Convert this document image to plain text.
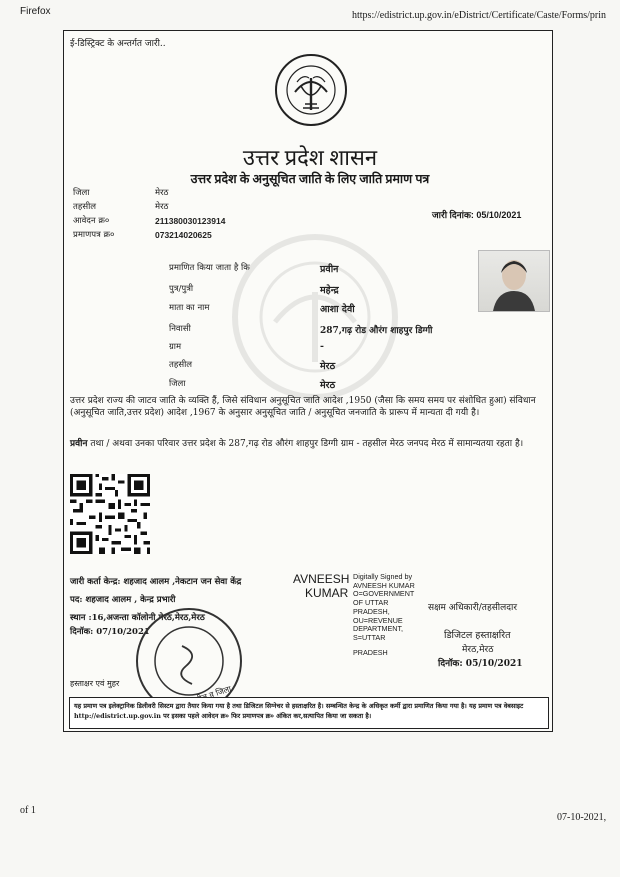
Firefox	https://edistrict.up.gov.in/eDistrict/Certificate/Caste/Forms/prin
ई-डिस्ट्रिक्ट के अन्तर्गत जारी..
उत्तर प्रदेश शासन
उत्तर प्रदेश के अनुसूचित जाति के लिए जाति प्रमाण पत्र
जिला	मेरठ
तहसील	मेरठ
आवेदन क्र०	211380030123914
प्रमाणपत्र क्र०	073214020625
जारी दिनांक: 05/10/2021
प्रमाणित किया जाता है कि	प्रवीन
पुत्र/पुत्री	महेन्द्र
माता का नाम	आशा देवी
निवासी	287,गढ़ रोड औरंग शाहपुर डिग्गी
ग्राम	-
तहसील	मेरठ
जिला	मेरठ
उत्तर प्रदेश राज्य की जाटव जाति के व्यक्ति हैं, जिसे संविधान अनुसूचित जाति आदेश ,1950 (जैसा कि समय समय पर संशोधित हुआ) संविधान (अनुसूचित जाति,उत्तर प्रदेश) आदेश ,1967 के अनुसार अनुसूचित जाति / अनुसूचित जनजाति के प्रारूप में मान्यता दी गयी है।
प्रवीन तथा / अथवा उनका परिवार उत्तर प्रदेश के 287,गढ़ रोड औरंग शाहपुर डिग्गी ग्राम - तहसील मेरठ जनपद मेरठ में सामान्यतया रहता है।
जारी कर्ता केन्द्र: शहजाद आलम ,नेकटान जन सेवा केंद्र
पद: शहजाद आलम , केन्द्र प्रभारी
स्थान :16,अजन्ता कॉलोनी मेरठ,मेरठ,मेरठ
दिनॉक: 07/10/2021
हस्ताक्षर एवं मुहर
AVNEESH
KUMAR
Digitally Signed by
AVNEESH KUMAR
O=GOVERNMENT
OF UTTAR
PRADESH,
OU=REVENUE
DEPARTMENT,
S=UTTAR
PRADESH
सक्षम अधिकारी/तहसीलदार
डिजिटल हस्ताक्षरित
मेरठ,मेरठ
दिनॉक: 05/10/2021
यह प्रमाण पत्र इलेक्ट्रानिक डिलीवरी सिस्टम द्वारा तैयार किया गया है तथा डिजिटल सिग्नेचर से हस्ताक्षरित है। सम्बन्धित केन्द्र के अधिकृत कर्मी द्वारा प्रमाणित किया गया है। यह प्रमाण पत्र वेबसाइट http://edistrict.up.gov.in पर इसका पहले आवेदन क्र० फिर प्रमाणपत्र क्र० अंकित कर,सत्यापित किया जा सकता है।
of 1
07-10-2021,
